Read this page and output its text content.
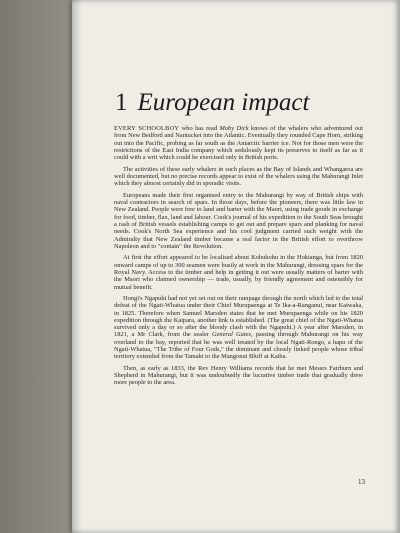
1 European impact

EVERY SCHOOLBOY who has read Moby Dick knows of the whalers who adventured out from New Bedford and Nantucket into the Atlantic. Eventually they rounded Cape Horn, striking out into the Pacific, probing as far south as the Antarctic barrier ice. Not for those men were the restrictions of the East India company which sedulously kept its preserves to itself as far as it could with a writ which could be exercised only in British ports.

The activities of these early whalers in such places as the Bay of Islands and Whangaroa are well documented, but no precise records appear to exist of the whalers using the Mahurangi Inlet which they almost certainly did in sporadic visits.

Europeans made their first organised entry to the Mahurangi by way of British ships with naval contractors in search of spars. In those days, before the pioneers, there was little law in New Zealand. People were free to land and barter with the Maori, using trade goods in exchange for food, timber, flax, land and labour. Cook's journal of his expedition to the South Seas brought a rash of British vessels establishing camps to get out and prepare spars and planking for naval needs. Cook's North Sea experience and his cool judgment carried such weight with the Admiralty that New Zealand timber became a real factor in the British effort to overthrow Napoleon and to "contain" the Revolution.

At first the effort appeared to be localised about Kohukohu in the Hokianga, but from 1820 onward camps of up to 300 seamen were busily at work in the Mahurangi, dressing spars for the Royal Navy. Access to the timber and help in getting it out were usually matters of barter with the Maori who claimed ownership — trade, usually, by friendly agreement and ostensibly for mutual benefit.

Hongi's Ngapuhi had not yet set out on their rampage through the north which led to the total defeat of the Ngati-Whatua under their Chief Murupaenga at Te Ika-a-Ranganui, near Kaiwaka, in 1825. Therefore when Samuel Marsden states that he met Murupaenga while on his 1820 expedition through the Kaipara, another link is established. (The great chief of the Ngati-Whatua survived only a day or so after the bloody clash with the Ngapuhi.) A year after Marsden, in 1821, a Mr Clark, from the sealer General Gates, passing through Mahurangi on his way overland to the bay, reported that he was well treated by the local Ngati-Rongo, a hapu of the Ngati-Whatua, "The Tribe of Four Gods," the dominant and closely linked people whose tribal territory extended from the Tamaki to the Mangonui Bluff at Kaiba.

Then, as early as 1833, the Rev Henry Williams records that he met Messrs Fairburn and Shepherd in Mahurangi, but it was undoubtedly the lucrative timber trade that gradually drew more people to the area.

13
